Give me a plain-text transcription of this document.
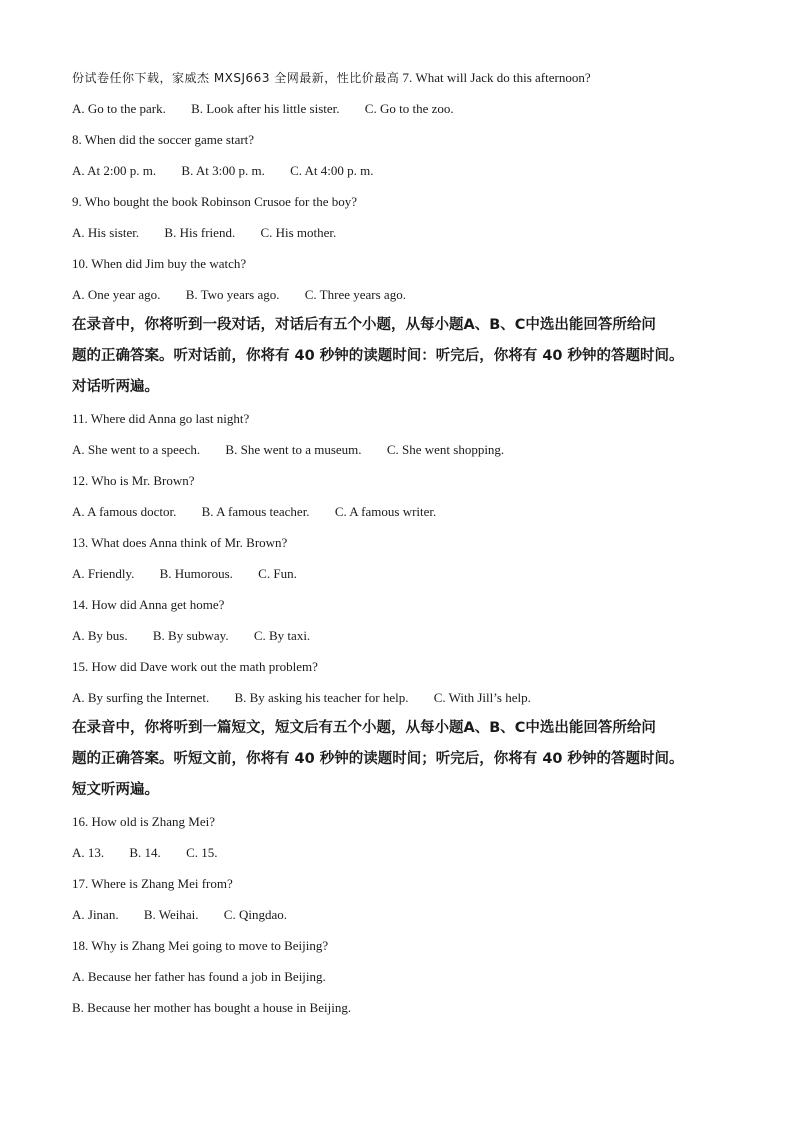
份试卷任你下载，家威杰 MXSJ663 全网最新，性比价最高 7. What will Jack do this afternoon?
A. Go to the park. B. Look after his little sister. C. Go to the zoo.
8. When did the soccer game start?
A. At 2:00 p. m. B. At 3:00 p. m. C. At 4:00 p. m.
9. Who bought the book Robinson Crusoe for the boy?
A. His sister. B. His friend. C. His mother.
10. When did Jim buy the watch?
A. One year ago. B. Two years ago. C. Three years ago.
在录音中，你将听到一段对话，对话后有五个小题，从每小题A、B、C中选出能回答所给问
题的正确答案。听对话前，你将有 40 秒钟的读题时间：听完后，你将有 40 秒钟的答题时间。
对话听两遍。
11. Where did Anna go last night?
A. She went to a speech. B. She went to a museum. C. She went shopping.
12. Who is Mr. Brown?
A. A famous doctor. B. A famous teacher. C. A famous writer.
13. What does Anna think of Mr. Brown?
A. Friendly. B. Humorous. C. Fun.
14. How did Anna get home?
A. By bus. B. By subway. C. By taxi.
15. How did Dave work out the math problem?
A. By surfing the Internet. B. By asking his teacher for help. C. With Jill’s help.
在录音中，你将听到一篇短文，短文后有五个小题，从每小题A、B、C中选出能回答所给问
题的正确答案。听短文前，你将有 40 秒钟的读题时间；听完后，你将有 40 秒钟的答题时间。
短文听两遍。
16. How old is Zhang Mei?
A. 13. B. 14. C. 15.
17. Where is Zhang Mei from?
A. Jinan. B. Weihai. C. Qingdao.
18. Why is Zhang Mei going to move to Beijing?
A. Because her father has found a job in Beijing.
B. Because her mother has bought a house in Beijing.
